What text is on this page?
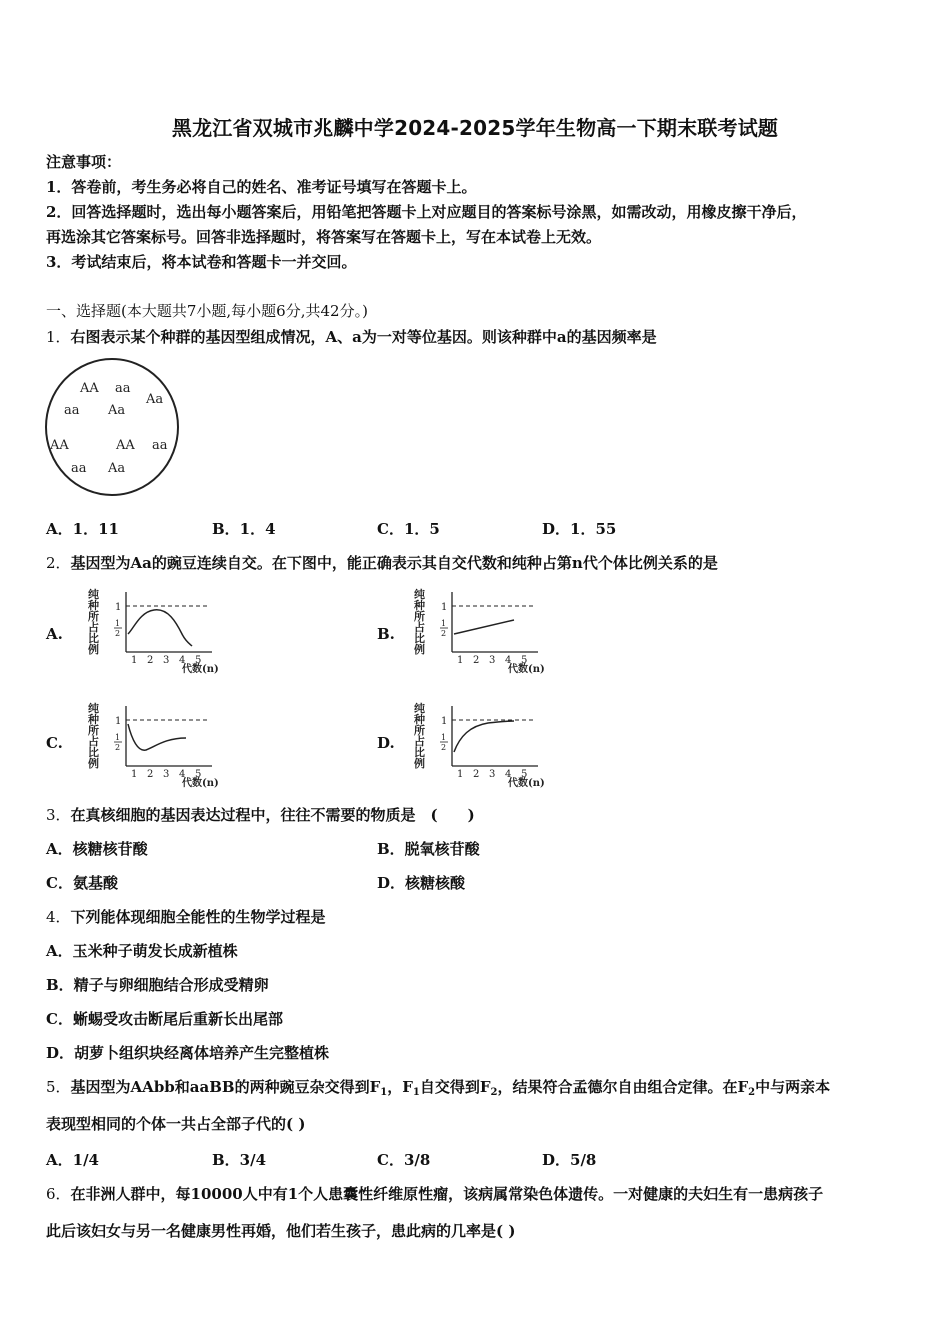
黑龙江省双城市兆麟中学2024-2025学年生物高一下期末联考试题
注意事项：
1．答卷前，考生务必将自己的姓名、准考证号填写在答题卡上。
2．回答选择题时，选出每小题答案后，用铅笔把答题卡上对应题目的答案标号涂黑，如需改动，用橡皮擦干净后，
再选涂其它答案标号。回答非选择题时，将答案写在答题卡上，写在本试卷上无效。
3．考试结束后，将本试卷和答题卡一并交回。
一、选择题(本大题共7小题,每小题6分,共42分。)
1．右图表示某个种群的基因型组成情况，A、a为一对等位基因。则该种群中a的基因频率是
AA aa
Aa
aa Aa
AA	AA aa
aa Aa
A．1．11	B．1．4	C．1．5	D．1．55
2．基因型为Aa的豌豆连续自交。在下图中，能正确表示其自交代数和纯种占第n代个体比例关系的是
A.	B.
C.	D.
纯
种
所
占
比
例
1
1
2
1 2 3 4 5
代数(n)
纯
种
所
占
比
例
1
1
2
1 2 3 4 5
代数(n)
纯
种
所
占
比
例
1
1
2
1 2 3 4 5
代数(n)
纯
种
所
占
比
例
1
1
2
1 2 3 4 5
代数(n)
3．在真核细胞的基因表达过程中，往往不需要的物质是　(　　)
A．核糖核苷酸	B．脱氧核苷酸
C．氨基酸	D．核糖核酸
4．下列能体现细胞全能性的生物学过程是
A．玉米种子萌发长成新植株
B．精子与卵细胞结合形成受精卵
C．蜥蜴受攻击断尾后重新长出尾部
D．胡萝卜组织块经离体培养产生完整植株
5．基因型为AAbb和aaBB的两种豌豆杂交得到$F_1$，$F_1$自交得到$F_2$，结果符合孟德尔自由组合定律。在$F_2$中与两亲本
表现型相同的个体一共占全部子代的( )
A．1/4	B．3/4	C．3/8	D．5/8
6．在非洲人群中，每10000人中有1个人患囊性纤维原性瘤，该病属常染色体遗传。一对健康的夫妇生有一患病孩子
此后该妇女与另一名健康男性再婚，他们若生孩子，患此病的几率是( )
